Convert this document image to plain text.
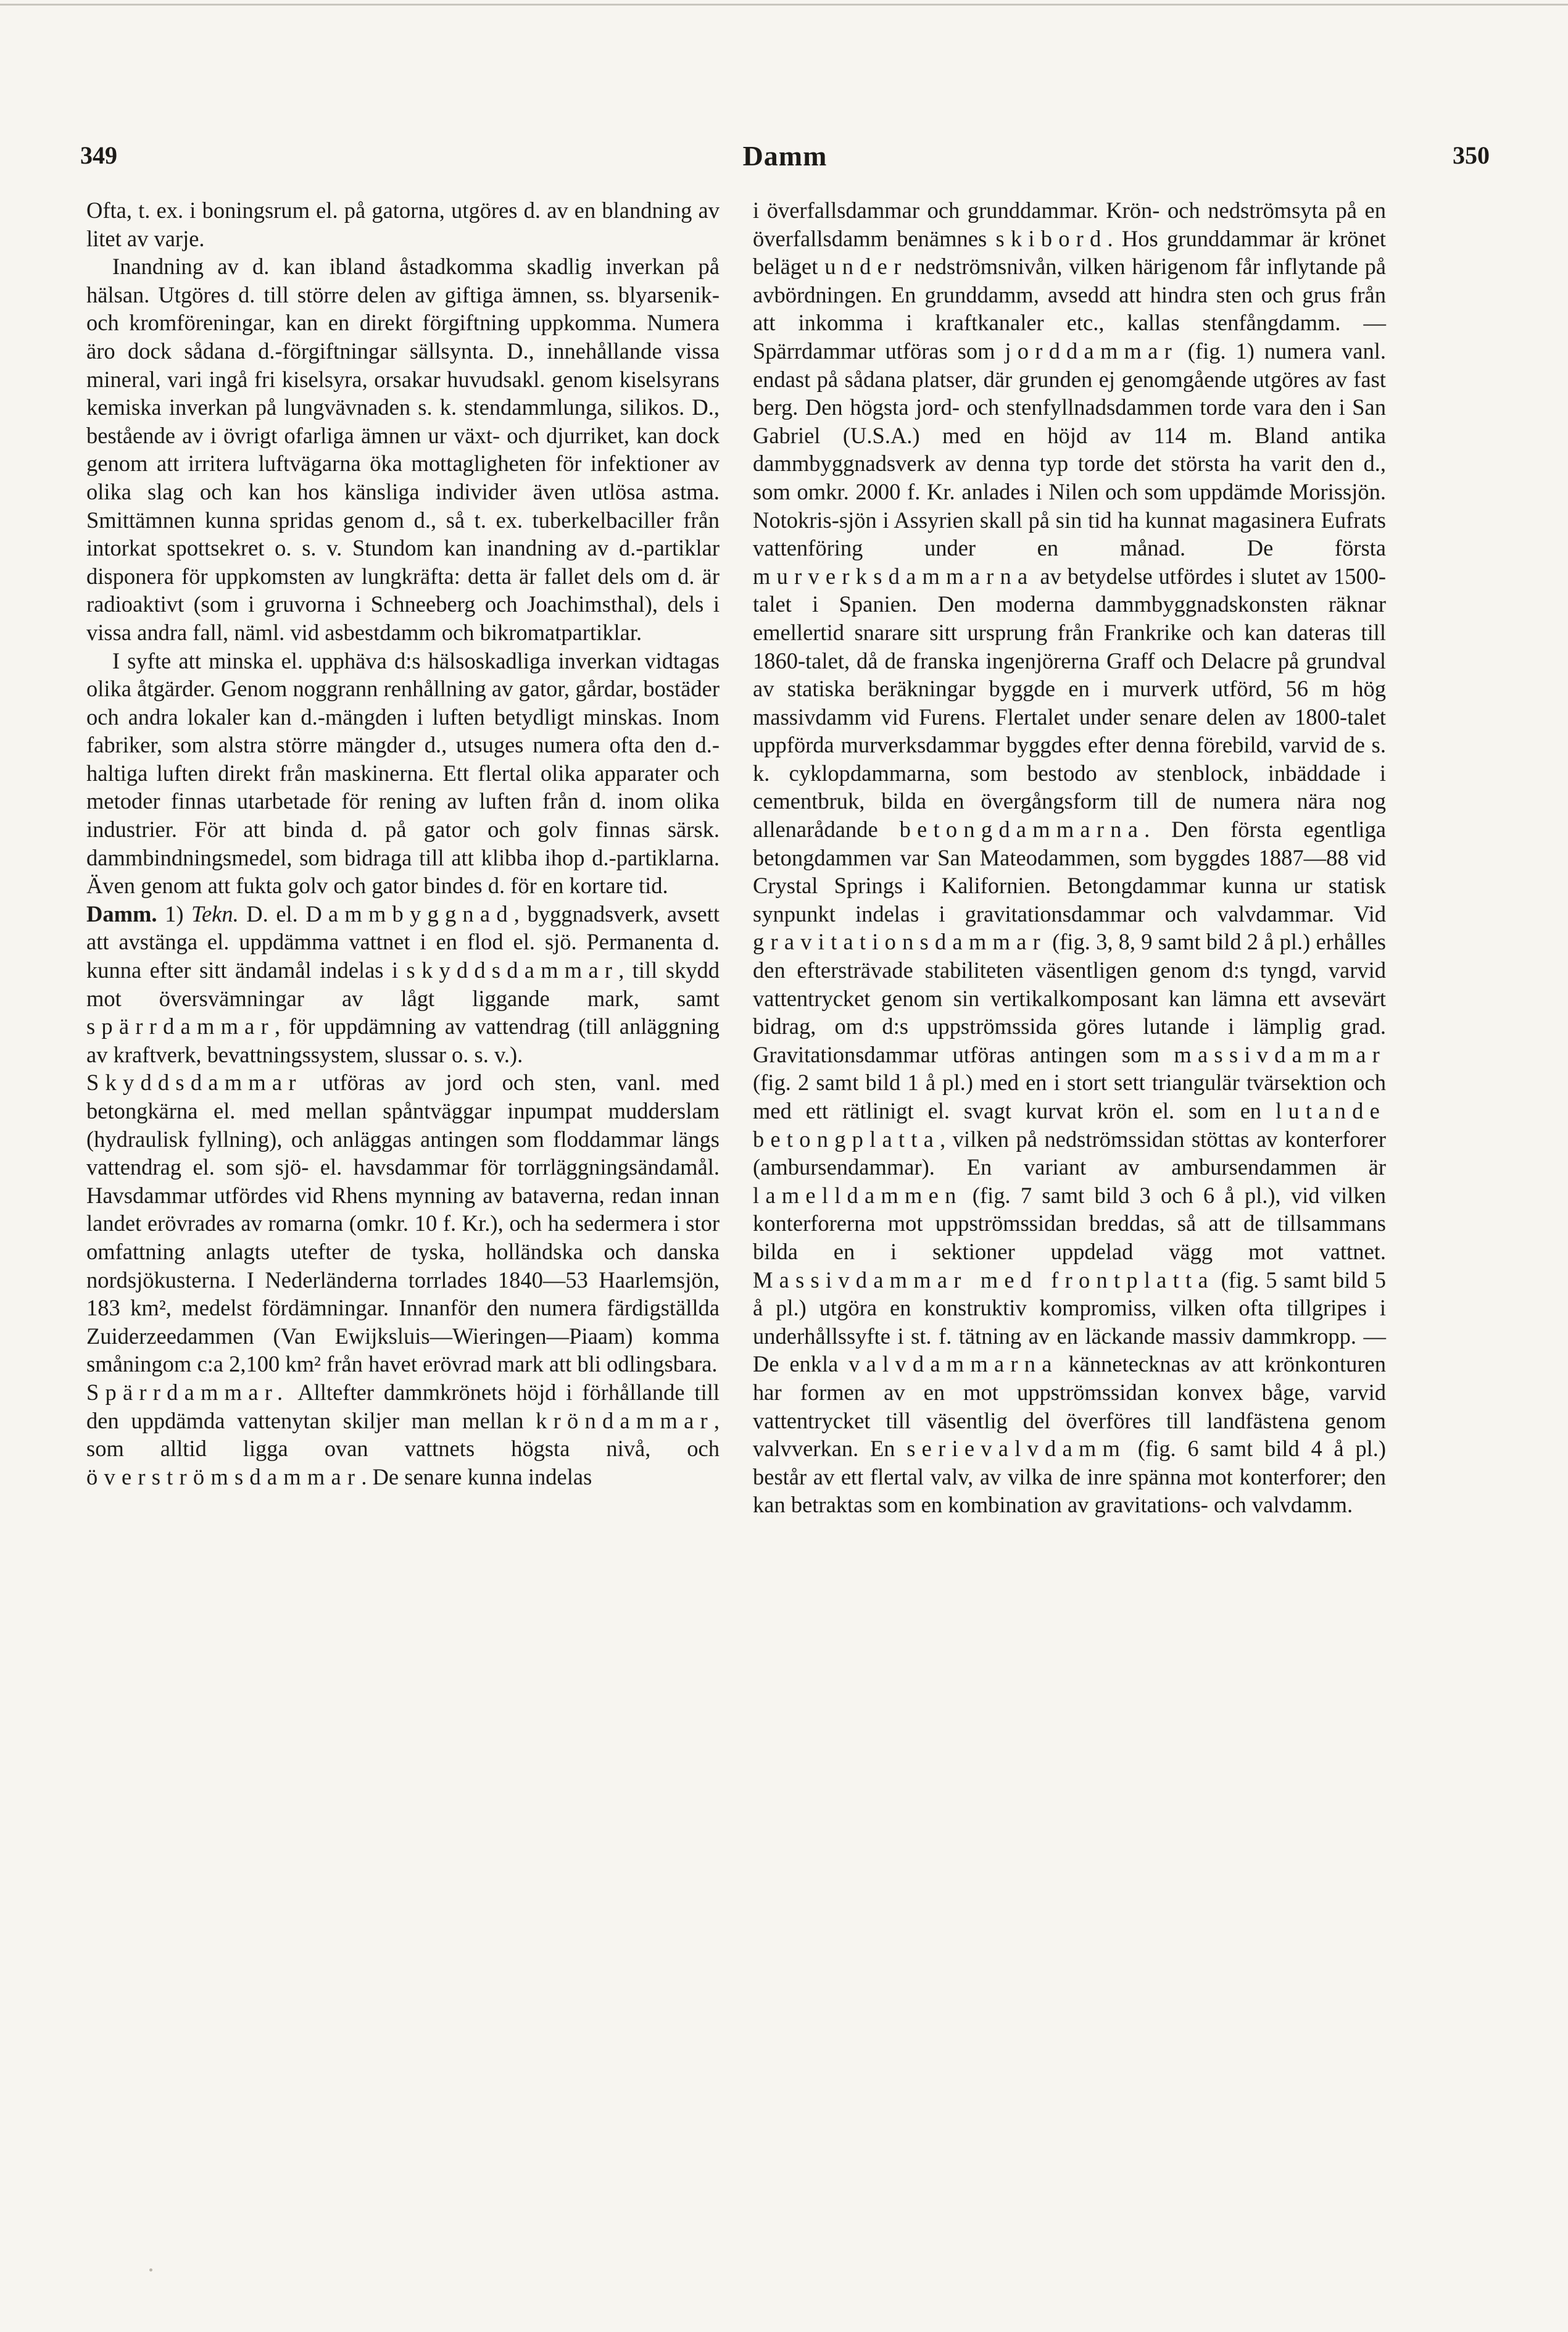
349	Damm	350

Ofta, t. ex. i boningsrum el. på gatorna, utgöres d. av en blandning av litet av varje.

Inandning av d. kan ibland åstadkomma skadlig inverkan på hälsan. Utgöres d. till större delen av giftiga ämnen, ss. blyarsenik- och kromföreningar, kan en direkt förgiftning uppkomma. Numera äro dock sådana d.-förgiftningar sällsynta. D., innehållande vissa mineral, vari ingå fri kiselsyra, orsakar huvudsakl. genom kiselsyrans kemiska inverkan på lungvävnaden s. k. stendammlunga, silikos. D., bestående av i övrigt ofarliga ämnen ur växt- och djurriket, kan dock genom att irritera luftvägarna öka mottagligheten för infektioner av olika slag och kan hos känsliga individer även utlösa astma. Smittämnen kunna spridas genom d., så t. ex. tuberkelbaciller från intorkat spottsekret o. s. v. Stundom kan inandning av d.-partiklar disponera för uppkomsten av lungkräfta: detta är fallet dels om d. är radioaktivt (som i gruvorna i Schneeberg och Joachimsthal), dels i vissa andra fall, näml. vid asbestdamm och bikromatpartiklar.

I syfte att minska el. upphäva d:s hälsoskadliga inverkan vidtagas olika åtgärder. Genom noggrann renhållning av gator, gårdar, bostäder och andra lokaler kan d.-mängden i luften betydligt minskas. Inom fabriker, som alstra större mängder d., utsuges numera ofta den d.-haltiga luften direkt från maskinerna. Ett flertal olika apparater och metoder finnas utarbetade för rening av luften från d. inom olika industrier. För att binda d. på gator och golv finnas särsk. dammbindningsmedel, som bidraga till att klibba ihop d.-partiklarna. Även genom att fukta golv och gator bindes d. för en kortare tid.

Damm. 1) Tekn. D. el. Dammbyggnad, byggnadsverk, avsett att avstänga el. uppdämma vattnet i en flod el. sjö. Permanenta d. kunna efter sitt ändamål indelas i skyddsdammar, till skydd mot översvämningar av lågt liggande mark, samt spärrdammar, för uppdämning av vattendrag (till anläggning av kraftverk, bevattningssystem, slussar o. s. v.).

Skyddsdammar utföras av jord och sten, vanl. med betongkärna el. med mellan spåntväggar inpumpat mudderslam (hydraulisk fyllning), och anläggas antingen som floddammar längs vattendrag el. som sjö- el. havsdammar för torrläggningsändamål. Havsdammar utfördes vid Rhens mynning av bataverna, redan innan landet erövrades av romarna (omkr. 10 f. Kr.), och ha sedermera i stor omfattning anlagts utefter de tyska, holländska och danska nordsjökusterna. I Nederländerna torrlades 1840—53 Haarlemsjön, 183 km², medelst fördämningar. Innanför den numera färdigställda Zuiderzeedammen (Van Ewijksluis—Wieringen—Piaam) komma småningom c:a 2,100 km² från havet erövrad mark att bli odlingsbara.

Spärrdammar. Alltefter dammkrönets höjd i förhållande till den uppdämda vattenytan skiljer man mellan kröndammar, som alltid ligga ovan vattnets högsta nivå, och överströmsdammar. De senare kunna indelas

i överfallsdammar och grunddammar. Krön- och nedströmsyta på en överfallsdamm benämnes skibord. Hos grunddammar är krönet beläget under nedströmsnivån, vilken härigenom får inflytande på avbördningen. En grunddamm, avsedd att hindra sten och grus från att inkomma i kraftkanaler etc., kallas stenfångdamm. — Spärrdammar utföras som jorddammar (fig. 1) numera vanl. endast på sådana platser, där grunden ej genomgående utgöres av fast berg. Den högsta jord- och stenfyllnadsdammen torde vara den i San Gabriel (U.S.A.) med en höjd av 114 m. Bland antika dammbyggnadsverk av denna typ torde det största ha varit den d., som omkr. 2000 f. Kr. anlades i Nilen och som uppdämde Morissjön. Notokris-sjön i Assyrien skall på sin tid ha kunnat magasinera Eufrats vattenföring under en månad. De första murverksdammarna av betydelse utfördes i slutet av 1500-talet i Spanien. Den moderna dammbyggnadskonsten räknar emellertid snarare sitt ursprung från Frankrike och kan dateras till 1860-talet, då de franska ingenjörerna Graff och Delacre på grundval av statiska beräkningar byggde en i murverk utförd, 56 m hög massivdamm vid Furens. Flertalet under senare delen av 1800-talet uppförda murverksdammar byggdes efter denna förebild, varvid de s. k. cyklopdammarna, som bestodo av stenblock, inbäddade i cementbruk, bilda en övergångsform till de numera nära nog allenarådande betongdammarna. Den första egentliga betongdammen var San Mateodammen, som byggdes 1887—88 vid Crystal Springs i Kalifornien. Betongdammar kunna ur statisk synpunkt indelas i gravitationsdammar och valvdammar. Vid gravitationsdammar (fig. 3, 8, 9 samt bild 2 å pl.) erhålles den eftersträvade stabiliteten väsentligen genom d:s tyngd, varvid vattentrycket genom sin vertikalkomposant kan lämna ett avsevärt bidrag, om d:s uppströmssida göres lutande i lämplig grad. Gravitationsdammar utföras antingen som massivdammar (fig. 2 samt bild 1 å pl.) med en i stort sett triangulär tvärsektion och med ett rätlinigt el. svagt kurvat krön el. som en lutande betongplatta, vilken på nedströmssidan stöttas av konterforer (ambursendammar). En variant av ambursendammen är lamelldammen (fig. 7 samt bild 3 och 6 å pl.), vid vilken konterforerna mot uppströmssidan breddas, så att de tillsammans bilda en i sektioner uppdelad vägg mot vattnet. Massivdammar med frontplatta (fig. 5 samt bild 5 å pl.) utgöra en konstruktiv kompromiss, vilken ofta tillgripes i underhållssyfte i st. f. tätning av en läckande massiv dammkropp. — De enkla valvdammarna kännetecknas av att krönkonturen har formen av en mot uppströmssidan konvex båge, varvid vattentrycket till väsentlig del överföres till landfästena genom valvverkan. En serievalvdamm (fig. 6 samt bild 4 å pl.) består av ett flertal valv, av vilka de inre spänna mot konterforer; den kan betraktas som en kombination av gravitations- och valvdamm.
